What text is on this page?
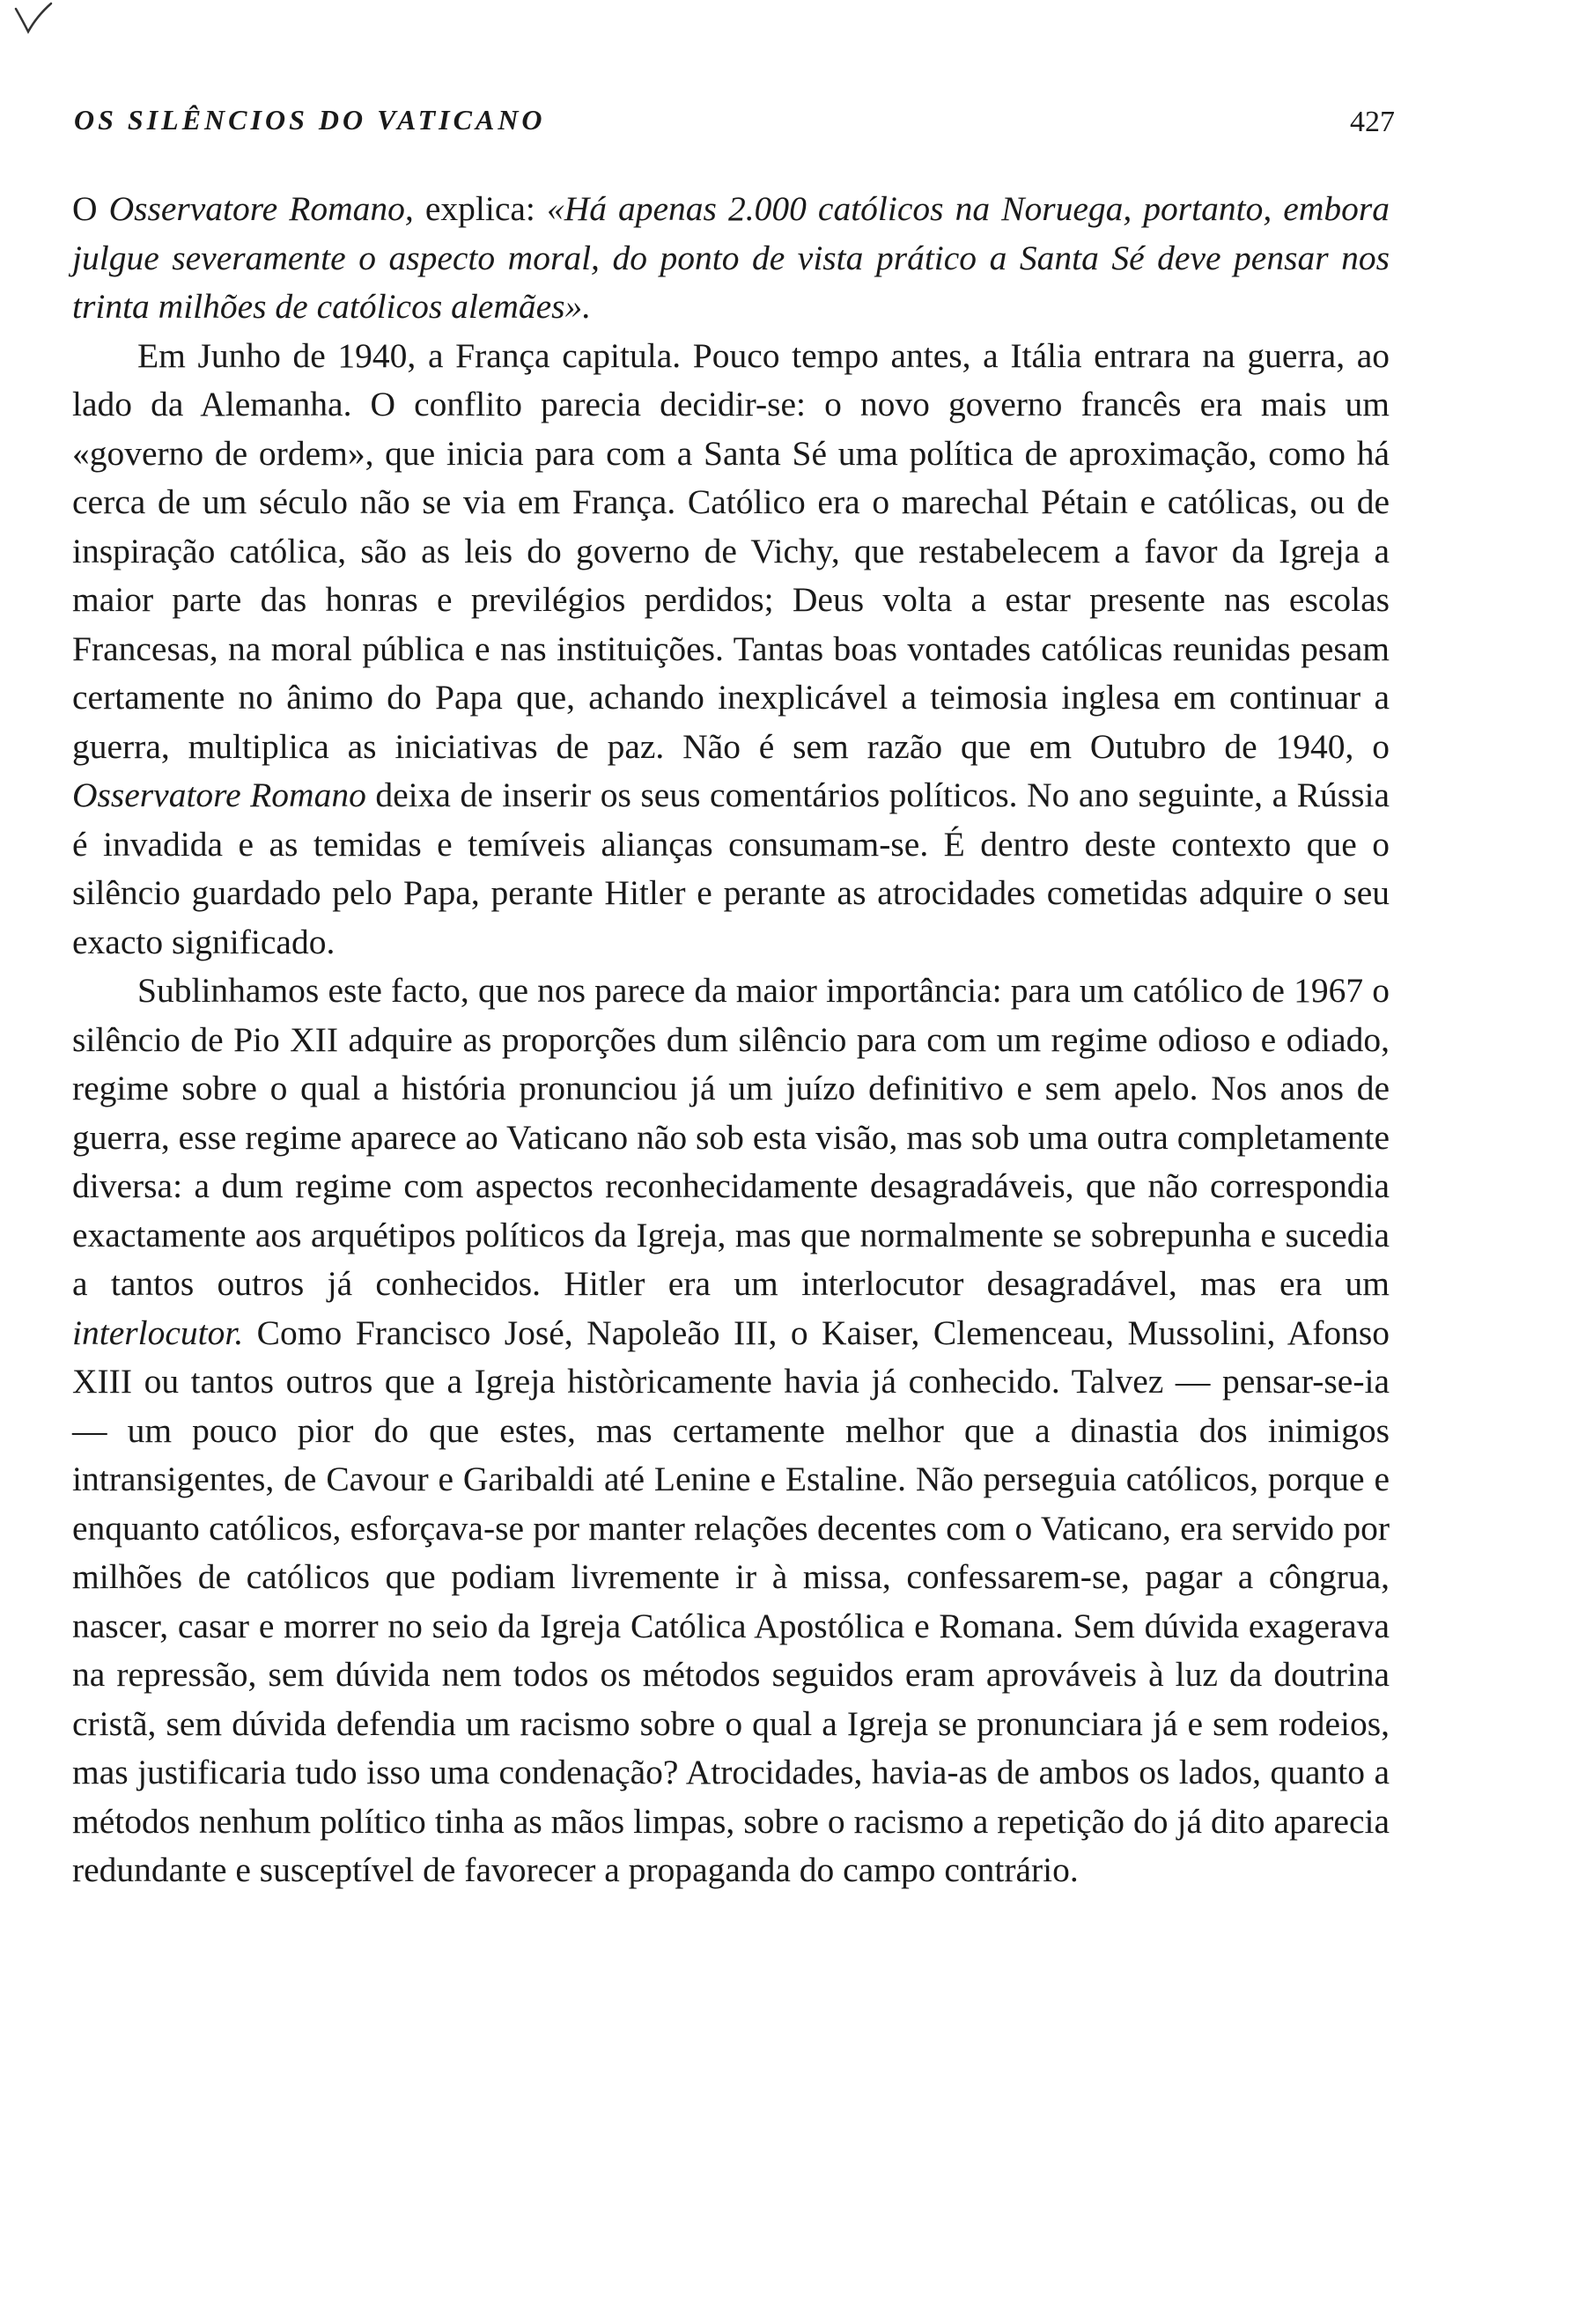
OS SILÊNCIOS DO VATICANO	427

O Osservatore Romano, explica: «Há apenas 2.000 católicos na Noruega, portanto, embora julgue severamente o aspecto moral, do ponto de vista prático a Santa Sé deve pensar nos trinta milhões de católicos alemães».

Em Junho de 1940, a França capitula. Pouco tempo antes, a Itália entrara na guerra, ao lado da Alemanha. O conflito parecia decidir-se: o novo governo francês era mais um «governo de ordem», que inicia para com a Santa Sé uma política de aproximação, como há cerca de um século não se via em França. Católico era o marechal Pétain e católicas, ou de inspiração católica, são as leis do governo de Vichy, que restabelecem a favor da Igreja a maior parte das honras e previlégios perdidos; Deus volta a estar presente nas escolas Francesas, na moral pública e nas instituições. Tantas boas vontades católicas reunidas pesam certamente no ânimo do Papa que, achando inexplicável a teimosia inglesa em continuar a guerra, multiplica as iniciativas de paz. Não é sem razão que em Outubro de 1940, o Osservatore Romano deixa de inserir os seus comentários políticos. No ano seguinte, a Rússia é invadida e as temidas e temíveis alianças consumam-se. É dentro deste contexto que o silêncio guardado pelo Papa, perante Hitler e perante as atrocidades cometidas adquire o seu exacto significado.

Sublinhamos este facto, que nos parece da maior importância: para um católico de 1967 o silêncio de Pio XII adquire as proporções dum silêncio para com um regime odioso e odiado, regime sobre o qual a história pronunciou já um juízo definitivo e sem apelo. Nos anos de guerra, esse regime aparece ao Vaticano não sob esta visão, mas sob uma outra completamente diversa: a dum regime com aspectos reconhecidamente desagradáveis, que não correspondia exactamente aos arquétipos políticos da Igreja, mas que normalmente se sobrepunha e sucedia a tantos outros já conhecidos. Hitler era um interlocutor desagradável, mas era um interlocutor. Como Francisco José, Napoleão III, o Kaiser, Clemenceau, Mussolini, Afonso XIII ou tantos outros que a Igreja històricamente havia já conhecido. Talvez — pensar-se-ia — um pouco pior do que estes, mas certamente melhor que a dinastia dos inimigos intransigentes, de Cavour e Garibaldi até Lenine e Estaline. Não perseguia católicos, porque e enquanto católicos, esforçava-se por manter relações decentes com o Vaticano, era servido por milhões de católicos que podiam livremente ir à missa, confessarem-se, pagar a côngrua, nascer, casar e morrer no seio da Igreja Católica Apostólica e Romana. Sem dúvida exagerava na repressão, sem dúvida nem todos os métodos seguidos eram aprováveis à luz da doutrina cristã, sem dúvida defendia um racismo sobre o qual a Igreja se pronunciara já e sem rodeios, mas justificaria tudo isso uma condenação? Atrocidades, havia-as de ambos os lados, quanto a métodos nenhum político tinha as mãos limpas, sobre o racismo a repetição do já dito aparecia redundante e susceptível de favorecer a propaganda do campo contrário.
